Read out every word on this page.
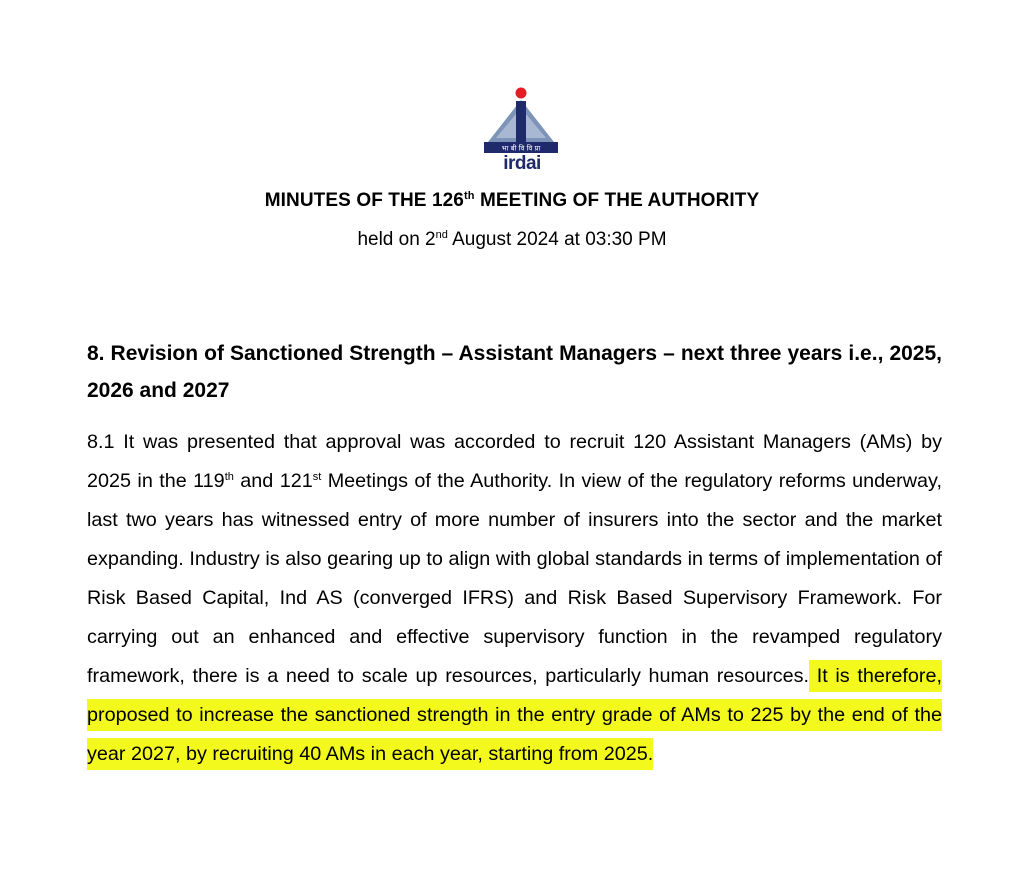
भा बी वि वि प्रा
irdai
MINUTES OF THE 126th MEETING OF THE AUTHORITY
held on 2nd August 2024 at 03:30 PM
8. Revision of Sanctioned Strength – Assistant Managers – next three years i.e., 2025, 2026 and 2027
8.1 It was presented that approval was accorded to recruit 120 Assistant Managers (AMs) by 2025 in the 119th and 121st Meetings of the Authority. In view of the regulatory reforms underway, last two years has witnessed entry of more number of insurers into the sector and the market expanding. Industry is also gearing up to align with global standards in terms of implementation of Risk Based Capital, Ind AS (converged IFRS) and Risk Based Supervisory Framework. For carrying out an enhanced and effective supervisory function in the revamped regulatory framework, there is a need to scale up resources, particularly human resources. It is therefore, proposed to increase the sanctioned strength in the entry grade of AMs to 225 by the end of the year 2027, by recruiting 40 AMs in each year, starting from 2025.
